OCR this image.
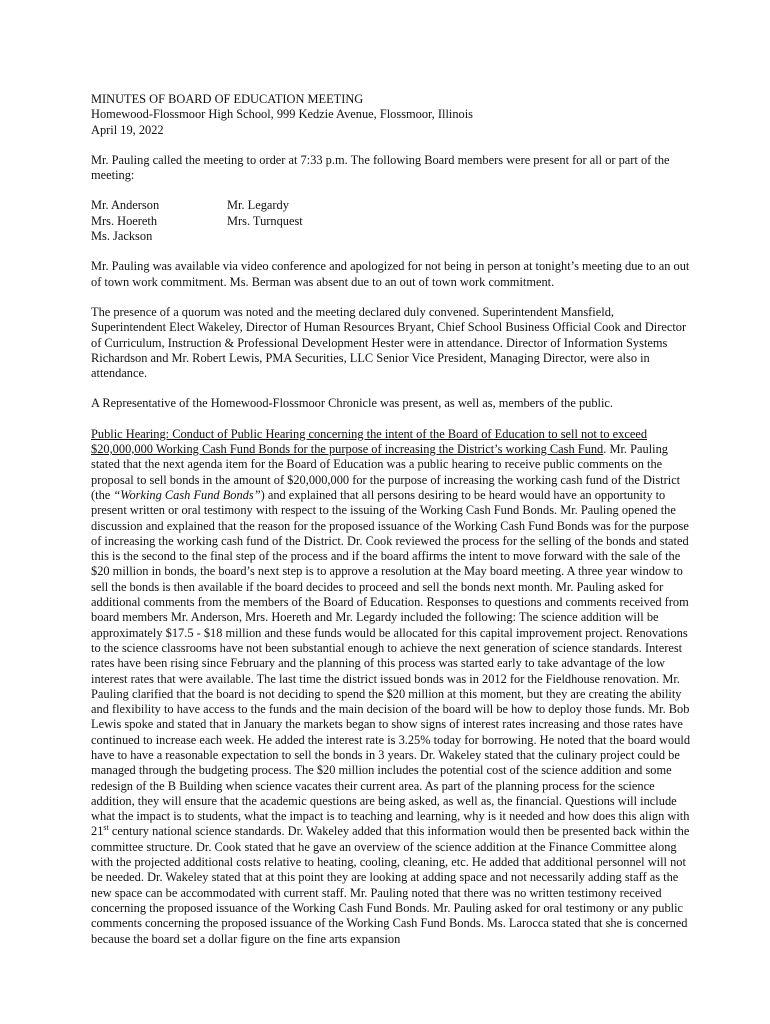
MINUTES OF BOARD OF EDUCATION MEETING
Homewood-Flossmoor High School, 999 Kedzie Avenue, Flossmoor, Illinois
April 19, 2022

Mr. Pauling called the meeting to order at 7:33 p.m. The following Board members were present for all or part of the meeting:

Mr. Anderson
Mrs. Hoereth
Ms. Jackson
Mr. Legardy
Mrs. Turnquest

Mr. Pauling was available via video conference and apologized for not being in person at tonight’s meeting due to an out of town work commitment. Ms. Berman was absent due to an out of town work commitment.

The presence of a quorum was noted and the meeting declared duly convened. Superintendent Mansfield, Superintendent Elect Wakeley, Director of Human Resources Bryant, Chief School Business Official Cook and Director of Curriculum, Instruction & Professional Development Hester were in attendance. Director of Information Systems Richardson and Mr. Robert Lewis, PMA Securities, LLC Senior Vice President, Managing Director, were also in attendance.

A Representative of the Homewood-Flossmoor Chronicle was present, as well as, members of the public.

Public Hearing: Conduct of Public Hearing concerning the intent of the Board of Education to sell not to exceed $20,000,000 Working Cash Fund Bonds for the purpose of increasing the District’s working Cash Fund. Mr. Pauling stated that the next agenda item for the Board of Education was a public hearing to receive public comments on the proposal to sell bonds in the amount of $20,000,000 for the purpose of increasing the working cash fund of the District (the “Working Cash Fund Bonds”) and explained that all persons desiring to be heard would have an opportunity to present written or oral testimony with respect to the issuing of the Working Cash Fund Bonds. Mr. Pauling opened the discussion and explained that the reason for the proposed issuance of the Working Cash Fund Bonds was for the purpose of increasing the working cash fund of the District. Dr. Cook reviewed the process for the selling of the bonds and stated this is the second to the final step of the process and if the board affirms the intent to move forward with the sale of the $20 million in bonds, the board’s next step is to approve a resolution at the May board meeting. A three year window to sell the bonds is then available if the board decides to proceed and sell the bonds next month. Mr. Pauling asked for additional comments from the members of the Board of Education. Responses to questions and comments received from board members Mr. Anderson, Mrs. Hoereth and Mr. Legardy included the following: The science addition will be approximately $17.5 - $18 million and these funds would be allocated for this capital improvement project. Renovations to the science classrooms have not been substantial enough to achieve the next generation of science standards. Interest rates have been rising since February and the planning of this process was started early to take advantage of the low interest rates that were available. The last time the district issued bonds was in 2012 for the Fieldhouse renovation. Mr. Pauling clarified that the board is not deciding to spend the $20 million at this moment, but they are creating the ability and flexibility to have access to the funds and the main decision of the board will be how to deploy those funds. Mr. Bob Lewis spoke and stated that in January the markets began to show signs of interest rates increasing and those rates have continued to increase each week. He added the interest rate is 3.25% today for borrowing. He noted that the board would have to have a reasonable expectation to sell the bonds in 3 years. Dr. Wakeley stated that the culinary project could be managed through the budgeting process. The $20 million includes the potential cost of the science addition and some redesign of the B Building when science vacates their current area. As part of the planning process for the science addition, they will ensure that the academic questions are being asked, as well as, the financial. Questions will include what the impact is to students, what the impact is to teaching and learning, why is it needed and how does this align with 21st century national science standards. Dr. Wakeley added that this information would then be presented back within the committee structure. Dr. Cook stated that he gave an overview of the science addition at the Finance Committee along with the projected additional costs relative to heating, cooling, cleaning, etc. He added that additional personnel will not be needed. Dr. Wakeley stated that at this point they are looking at adding space and not necessarily adding staff as the new space can be accommodated with current staff. Mr. Pauling noted that there was no written testimony received concerning the proposed issuance of the Working Cash Fund Bonds. Mr. Pauling asked for oral testimony or any public comments concerning the proposed issuance of the Working Cash Fund Bonds. Ms. Larocca stated that she is concerned because the board set a dollar figure on the fine arts expansion
